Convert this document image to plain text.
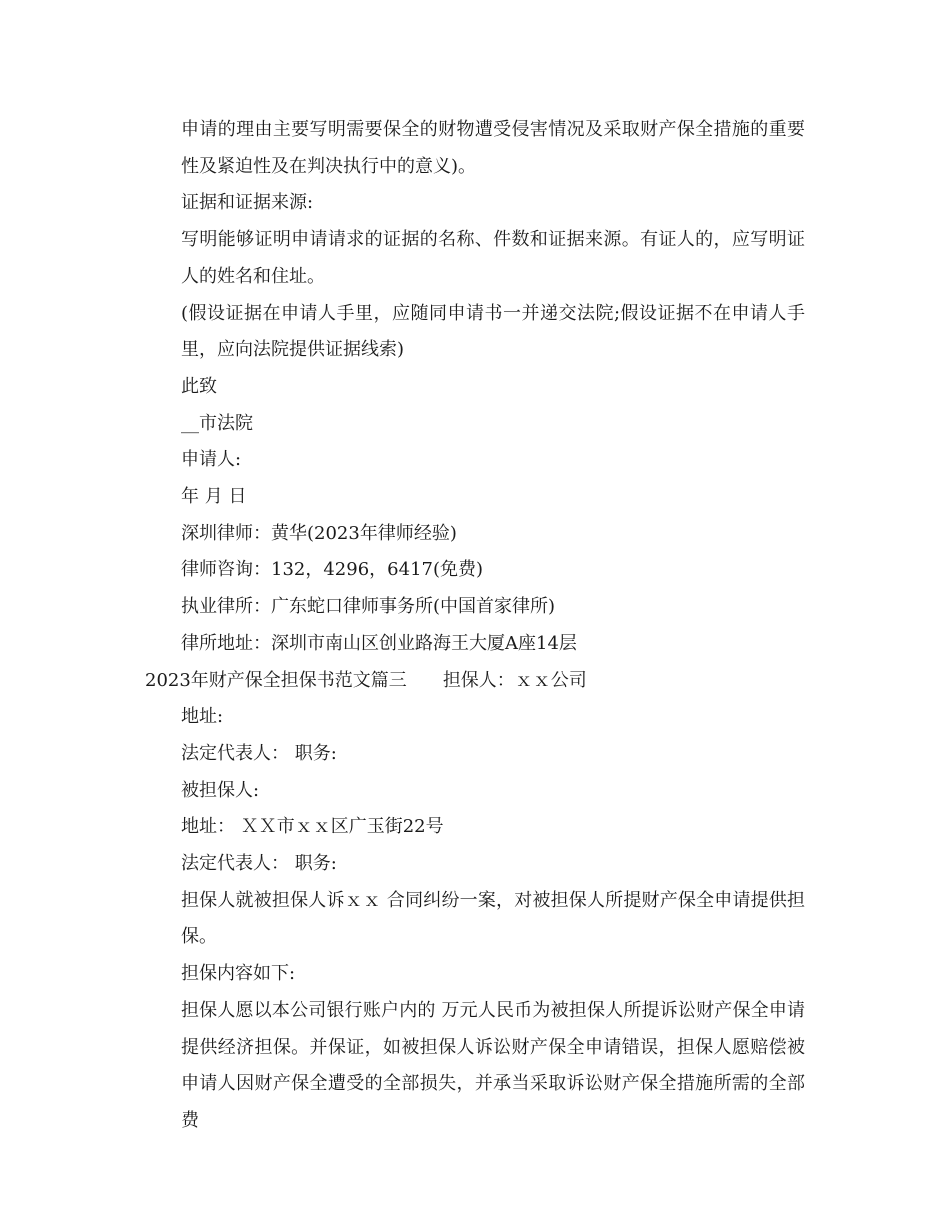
申请的理由主要写明需要保全的财物遭受侵害情况及采取财产保全措施的重要性及紧迫性及在判决执行中的意义)。

证据和证据来源:

写明能够证明申请请求的证据的名称、件数和证据来源。有证人的，应写明证人的姓名和住址。

(假设证据在申请人手里，应随同申请书一并递交法院;假设证据不在申请人手里，应向法院提供证据线索)

此致

__市法院

申请人:

年 月 日

深圳律师：黄华(2023年律师经验)

律师咨询：132，4296，6417(免费)

执业律所：广东蛇口律师事务所(中国首家律所)

律所地址：深圳市南山区创业路海王大厦A座14层

2023年财产保全担保书范文篇三 担保人：ｘｘ公司

地址:

法定代表人： 职务:

被担保人:

地址： ＸＸ市ｘｘ区广玉街22号

法定代表人： 职务:

担保人就被担保人诉ｘｘ 合同纠纷一案，对被担保人所提财产保全申请提供担保。

担保内容如下:

担保人愿以本公司银行账户内的 万元人民币为被担保人所提诉讼财产保全申请提供经济担保。并保证，如被担保人诉讼财产保全申请错误，担保人愿赔偿被申请人因财产保全遭受的全部损失，并承当采取诉讼财产保全措施所需的全部费
